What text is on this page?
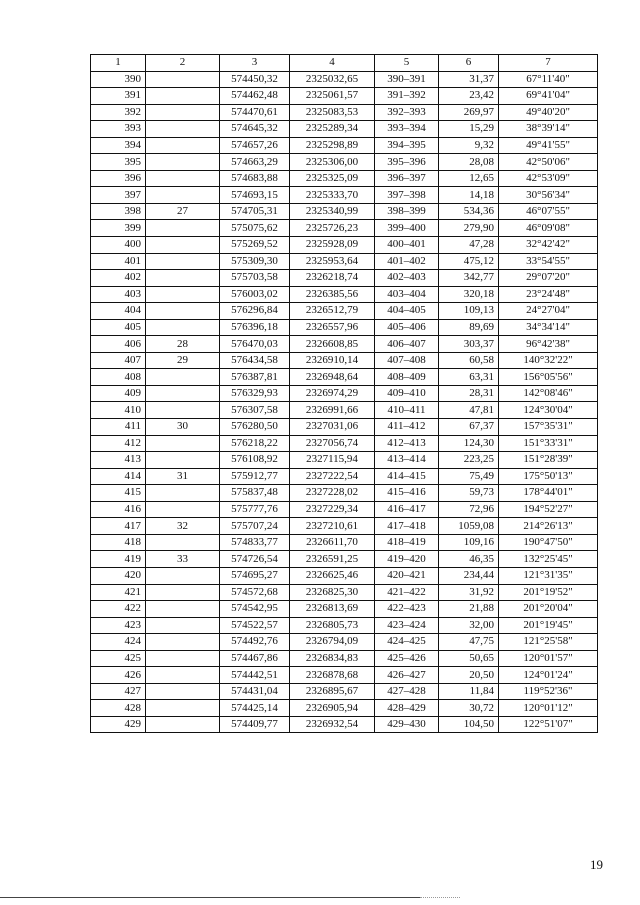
1	2	3	4	5	6	7
390		574450,32	2325032,65	390–391	31,37	67°11'40"
391		574462,48	2325061,57	391–392	23,42	69°41'04"
392		574470,61	2325083,53	392–393	269,97	49°40'20"
393		574645,32	2325289,34	393–394	15,29	38°39'14"
394		574657,26	2325298,89	394–395	9,32	49°41'55"
395		574663,29	2325306,00	395–396	28,08	42°50'06"
396		574683,88	2325325,09	396–397	12,65	42°53'09"
397		574693,15	2325333,70	397–398	14,18	30°56'34"
398	27	574705,31	2325340,99	398–399	534,36	46°07'55"
399		575075,62	2325726,23	399–400	279,90	46°09'08"
400		575269,52	2325928,09	400–401	47,28	32°42'42"
401		575309,30	2325953,64	401–402	475,12	33°54'55"
402		575703,58	2326218,74	402–403	342,77	29°07'20"
403		576003,02	2326385,56	403–404	320,18	23°24'48"
404		576296,84	2326512,79	404–405	109,13	24°27'04"
405		576396,18	2326557,96	405–406	89,69	34°34'14"
406	28	576470,03	2326608,85	406–407	303,37	96°42'38"
407	29	576434,58	2326910,14	407–408	60,58	140°32'22"
408		576387,81	2326948,64	408–409	63,31	156°05'56"
409		576329,93	2326974,29	409–410	28,31	142°08'46"
410		576307,58	2326991,66	410–411	47,81	124°30'04"
411	30	576280,50	2327031,06	411–412	67,37	157°35'31"
412		576218,22	2327056,74	412–413	124,30	151°33'31"
413		576108,92	2327115,94	413–414	223,25	151°28'39"
414	31	575912,77	2327222,54	414–415	75,49	175°50'13"
415		575837,48	2327228,02	415–416	59,73	178°44'01"
416		575777,76	2327229,34	416–417	72,96	194°52'27"
417	32	575707,24	2327210,61	417–418	1059,08	214°26'13"
418		574833,77	2326611,70	418–419	109,16	190°47'50"
419	33	574726,54	2326591,25	419–420	46,35	132°25'45"
420		574695,27	2326625,46	420–421	234,44	121°31'35"
421		574572,68	2326825,30	421–422	31,92	201°19'52"
422		574542,95	2326813,69	422–423	21,88	201°20'04"
423		574522,57	2326805,73	423–424	32,00	201°19'45"
424		574492,76	2326794,09	424–425	47,75	121°25'58"
425		574467,86	2326834,83	425–426	50,65	120°01'57"
426		574442,51	2326878,68	426–427	20,50	124°01'24"
427		574431,04	2326895,67	427–428	11,84	119°52'36"
428		574425,14	2326905,94	428–429	30,72	120°01'12"
429		574409,77	2326932,54	429–430	104,50	122°51'07"
19
